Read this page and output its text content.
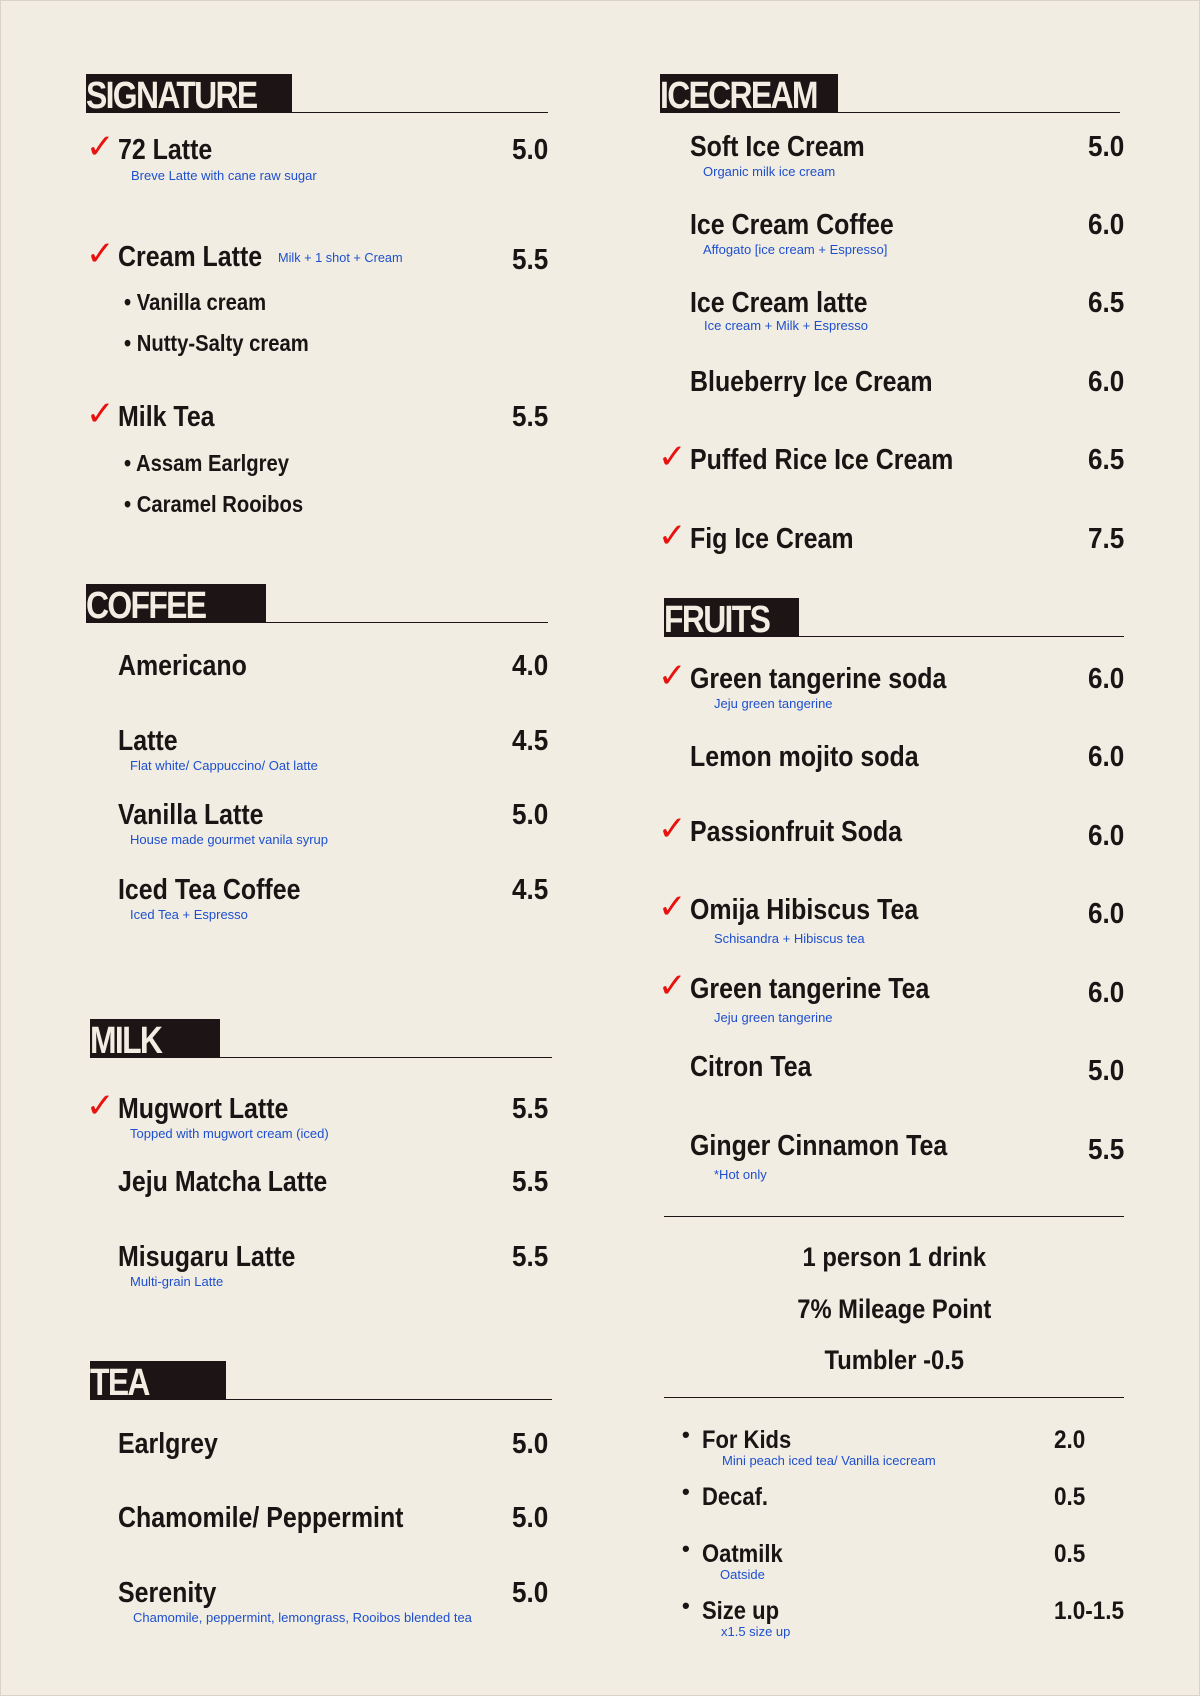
SIGNATURE
✓ 72 Latte	5.0
Breve Latte with cane raw sugar
✓ Cream Latte Milk + 1 shot + Cream	5.5
• Vanilla cream
• Nutty-Salty cream
✓ Milk Tea	5.5
• Assam Earlgrey
• Caramel Rooibos
COFFEE
Americano	4.0
Latte	4.5
Flat white/ Cappuccino/ Oat latte
Vanilla Latte	5.0
House made gourmet vanila syrup
Iced Tea Coffee	4.5
Iced Tea + Espresso
MILK
✓ Mugwort Latte	5.5
Topped with mugwort cream (iced)
Jeju Matcha Latte	5.5
Misugaru Latte	5.5
Multi-grain Latte
TEA
Earlgrey	5.0
Chamomile/ Peppermint	5.0
Serenity	5.0
Chamomile, peppermint, lemongrass, Rooibos blended tea
ICECREAM
Soft Ice Cream	5.0
Organic milk ice cream
Ice Cream Coffee	6.0
Affogato [ice cream + Espresso]
Ice Cream latte	6.5
Ice cream + Milk + Espresso
Blueberry Ice Cream	6.0
✓ Puffed Rice Ice Cream	6.5
✓ Fig Ice Cream	7.5
FRUITS
✓ Green tangerine soda	6.0
Jeju green tangerine
Lemon mojito soda	6.0
✓ Passionfruit Soda	6.0
✓ Omija Hibiscus Tea	6.0
Schisandra + Hibiscus tea
✓ Green tangerine Tea	6.0
Jeju green tangerine
Citron Tea	5.0
Ginger Cinnamon Tea	5.5
*Hot only
1 person 1 drink
7% Mileage Point
Tumbler -0.5
• For Kids	2.0
Mini peach iced tea/ Vanilla icecream
• Decaf.	0.5
• Oatmilk	0.5
Oatside
• Size up	1.0-1.5
x1.5 size up
